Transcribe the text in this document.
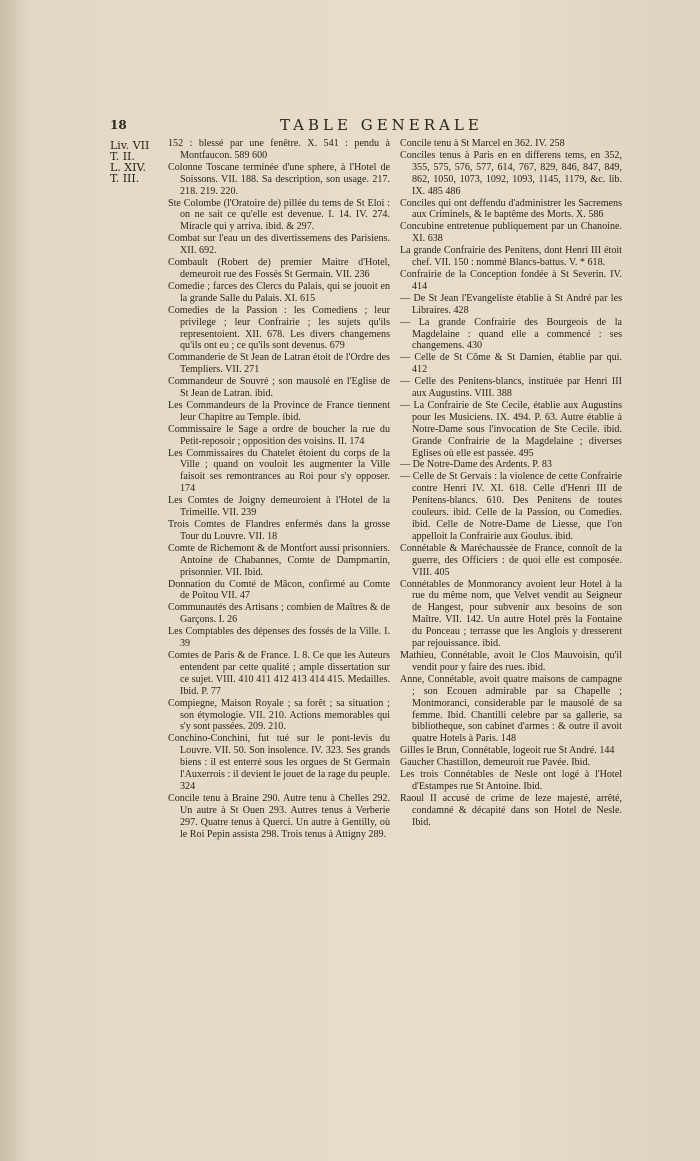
18	TABLE GENERALE
Liv. VII
T. II.
L. XIV.
T. III.

152 : blessé par une fenêtre. X. 541 : pendu à Montfaucon. 589 600

Colonne Toscane terminée d'une sphere, à l'Hotel de Soissons. VII. 188. Sa description, son usage. 217. 218. 219. 220.

Ste Colombe (l'Oratoire de) pillée du tems de St Eloi : on ne sait ce qu'elle est devenue. I. 14. IV. 274. Miracle qui y arriva. ibid. & 297.

Combat sur l'eau un des divertissemens des Parisiens. XII. 692.

Combault (Robert de) premier Maitre d'Hotel, demeuroit rue des Fossés St Germain. VII. 236

Comedie ; farces des Clercs du Palais, qui se jouoit en la grande Salle du Palais. XI. 615

Comedies de la Passion : les Comediens ; leur privilege ; leur Confrairie ; les sujets qu'ils representoient. XII. 678. Les divers changemens qu'ils ont eu ; ce qu'ils sont devenus. 679

Commanderie de St Jean de Latran étoit de l'Ordre des Templiers. VII. 271

Commandeur de Souvré ; son mausolé en l'Eglise de St Jean de Latran. ibid.

Les Commandeurs de la Province de France tiennent leur Chapitre au Temple. ibid.

Commissaire le Sage a ordre de boucher la rue du Petit-reposoir ; opposition des voisins. II. 174

Les Commissaires du Chatelet étoient du corps de la Ville ; quand on vouloit les augmenter la Ville faisoit ses remontrances au Roi pour s'y opposer. 174

Les Comtes de Joigny demeuroient à l'Hotel de la Trimeille. VII. 239

Trois Comtes de Flandres enfermés dans la grosse Tour du Louvre. VII. 18

Comte de Richemont & de Montfort aussi prisonniers. Antoine de Chabannes, Comte de Dampmartin, prisonnier. VII. Ibid.

Donnation du Comté de Mâcon, confirmé au Comte de Poitou VII. 47

Communautés des Artisans ; combien de Maîtres & de Garçons. I. 26

Les Comptables des dépenses des fossés de la Ville. I. 39

Comtes de Paris & de France. I. 8. Ce que les Auteurs entendent par cette qualité ; ample dissertation sur ce sujet. VIII. 410 411 412 413 414 415. Medailles. Ibid. P. 77

Compiegne, Maison Royale ; sa forêt ; sa situation ; son étymologie. VII. 210. Actions memorables qui s'y sont passées. 209. 210.

Conchino-Conchini, fut tué sur le pont-levis du Louvre. VII. 50. Son insolence. IV. 323. Ses grands biens : il est enterré sous les orgues de St Germain l'Auxerrois : il devient le jouet de la rage du peuple. 324

Concile tenu à Braine 290. Autre tenu à Chelles 292. Un autre à St Ouen 293. Autres tenus à Verberie 297. Quatre tenus à Querci. Un autre à Gentilly, où le Roi Pepin assista 298. Trois tenus à Attigny 289.

Concile tenu à St Marcel en 362. IV. 258

Conciles tenus à Paris en en differens tems, en 352, 355, 575, 576, 577, 614, 767, 829, 846, 847, 849, 862, 1050, 1073, 1092, 1093, 1145, 1179, &c. lib. IX. 485 486

Conciles qui ont deffendu d'administrer les Sacremens aux Criminels, & le baptême des Morts. X. 586

Concubine entretenue publiquement par un Chanoine. XI. 638

La grande Confrairie des Penitens, dont Henri III étoit chef. VII. 150 : nommé Blancs-battus. V. * 618.

Confrairie de la Conception fondée à St Severin. IV. 414

— De St Jean l'Evangeliste établie à St André par les Libraires. 428

— La grande Confrairie des Bourgeois de la Magdelaine : quand elle a commencé : ses changemens. 430

— Celle de St Côme & St Damien, établie par qui. 412

— Celle des Penitens-blancs, instituée par Henri III aux Augustins. VIII. 388

— La Confrairie de Ste Cecile, établie aux Augustins pour les Musiciens. IX. 494. P. 63. Autre établie à Notre-Dame sous l'invocation de Ste Cecile. ibid. Grande Confrairie de la Magdelaine ; diverses Eglises où elle est passée. 495

— De Notre-Dame des Ardents. P. 83

— Celle de St Gervais : la violence de cette Confrairie contre Henri IV. XI. 618. Celle d'Henri III de Penitens-blancs. 610. Des Penitens de toutes couleurs. ibid. Celle de la Passion, ou Comedies. ibid. Celle de Notre-Dame de Liesse, que l'on appelloit la Confrairie aux Goulus. ibid.

Connétable & Maréchaussée de France, connoît de la guerre, des Officiers : de quoi elle est composée. VIII. 405

Connétables de Monmorancy avoient leur Hotel à la rue du même nom, que Velvet vendit au Seigneur de Hangest, pour subvenir aux besoins de son Maître. VII. 142. Un autre Hotel près la Fontaine du Ponceau ; terrasse que les Anglois y dresserent par rejouissance. ibid.

Mathieu, Connétable, avoit le Clos Mauvoisin, qu'il vendit pour y faire des rues. ibid.

Anne, Connétable, avoit quatre maisons de campagne ; son Ecouen admirable par sa Chapelle ; Montmoranci, considerable par le mausolé de sa femme. Ibid. Chantilli celebre par sa gallerie, sa bibliotheque, son cabinet d'armes : & outre il avoit quatre Hotels à Paris. 148

Gilles le Brun, Connétable, logeoit rue St André. 144

Gaucher Chastillon, demeuroit rue Pavée. Ibid.

Les trois Connétables de Nesle ont logé à l'Hotel d'Estampes rue St Antoine. Ibid.

Raoul II accusé de crime de leze majesté, arrêté, condamné & décapité dans son Hotel de Nesle. Ibid.
